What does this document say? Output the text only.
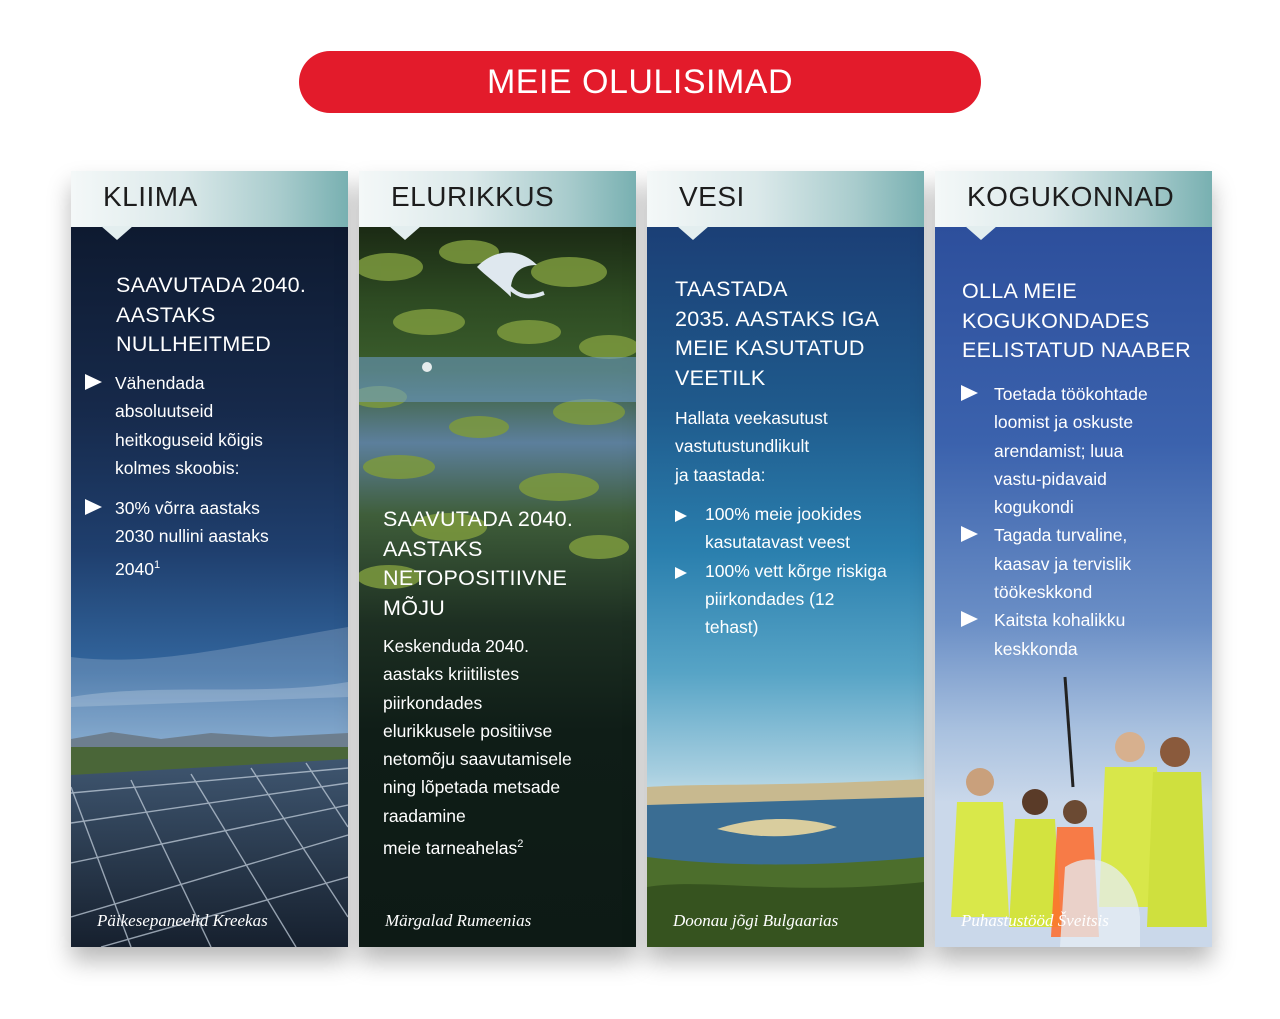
MEIE OLULISIMAD
KLIIMA
SAAVUTADA 2040.
AASTAKS
NULLHEITMED
Vähendada
absoluutseid
heitkoguseid kõigis
kolmes skoobis:
30% võrra aastaks
2030 nullini aastaks
2040$^1$
Päikesepaneelid Kreekas
ELURIKKUS
SAAVUTADA 2040.
AASTAKS
NETOPOSITIIVNE
MÕJU
Keskenduda 2040.
aastaks kriitilistes
piirkondades
elurikkusele positiivse
netomõju saavutamisele
ning lõpetada metsade
raadamine
meie tarneahelas$^2$
Märgalad Rumeenias
VESI
TAASTADA
2035. AASTAKS IGA
MEIE KASUTATUD
VEETILK
Hallata veekasutust
vastutustundlikult
ja taastada:
100% meie jookides
kasutatavast veest
100% vett kõrge riskiga
piirkondades (12
tehast)
Doonau jõgi Bulgaarias
KOGUKONNAD
OLLA MEIE
KOGUKONDADES
EELISTATUD NAABER
Toetada töökohtade
loomist ja oskuste
arendamist; luua
vastu-pidavaid
kogukondi
Tagada turvaline,
kaasav ja tervislik
töökeskkond
Kaitsta kohalikku
keskkonda
Puhastustööd Šveitsis
